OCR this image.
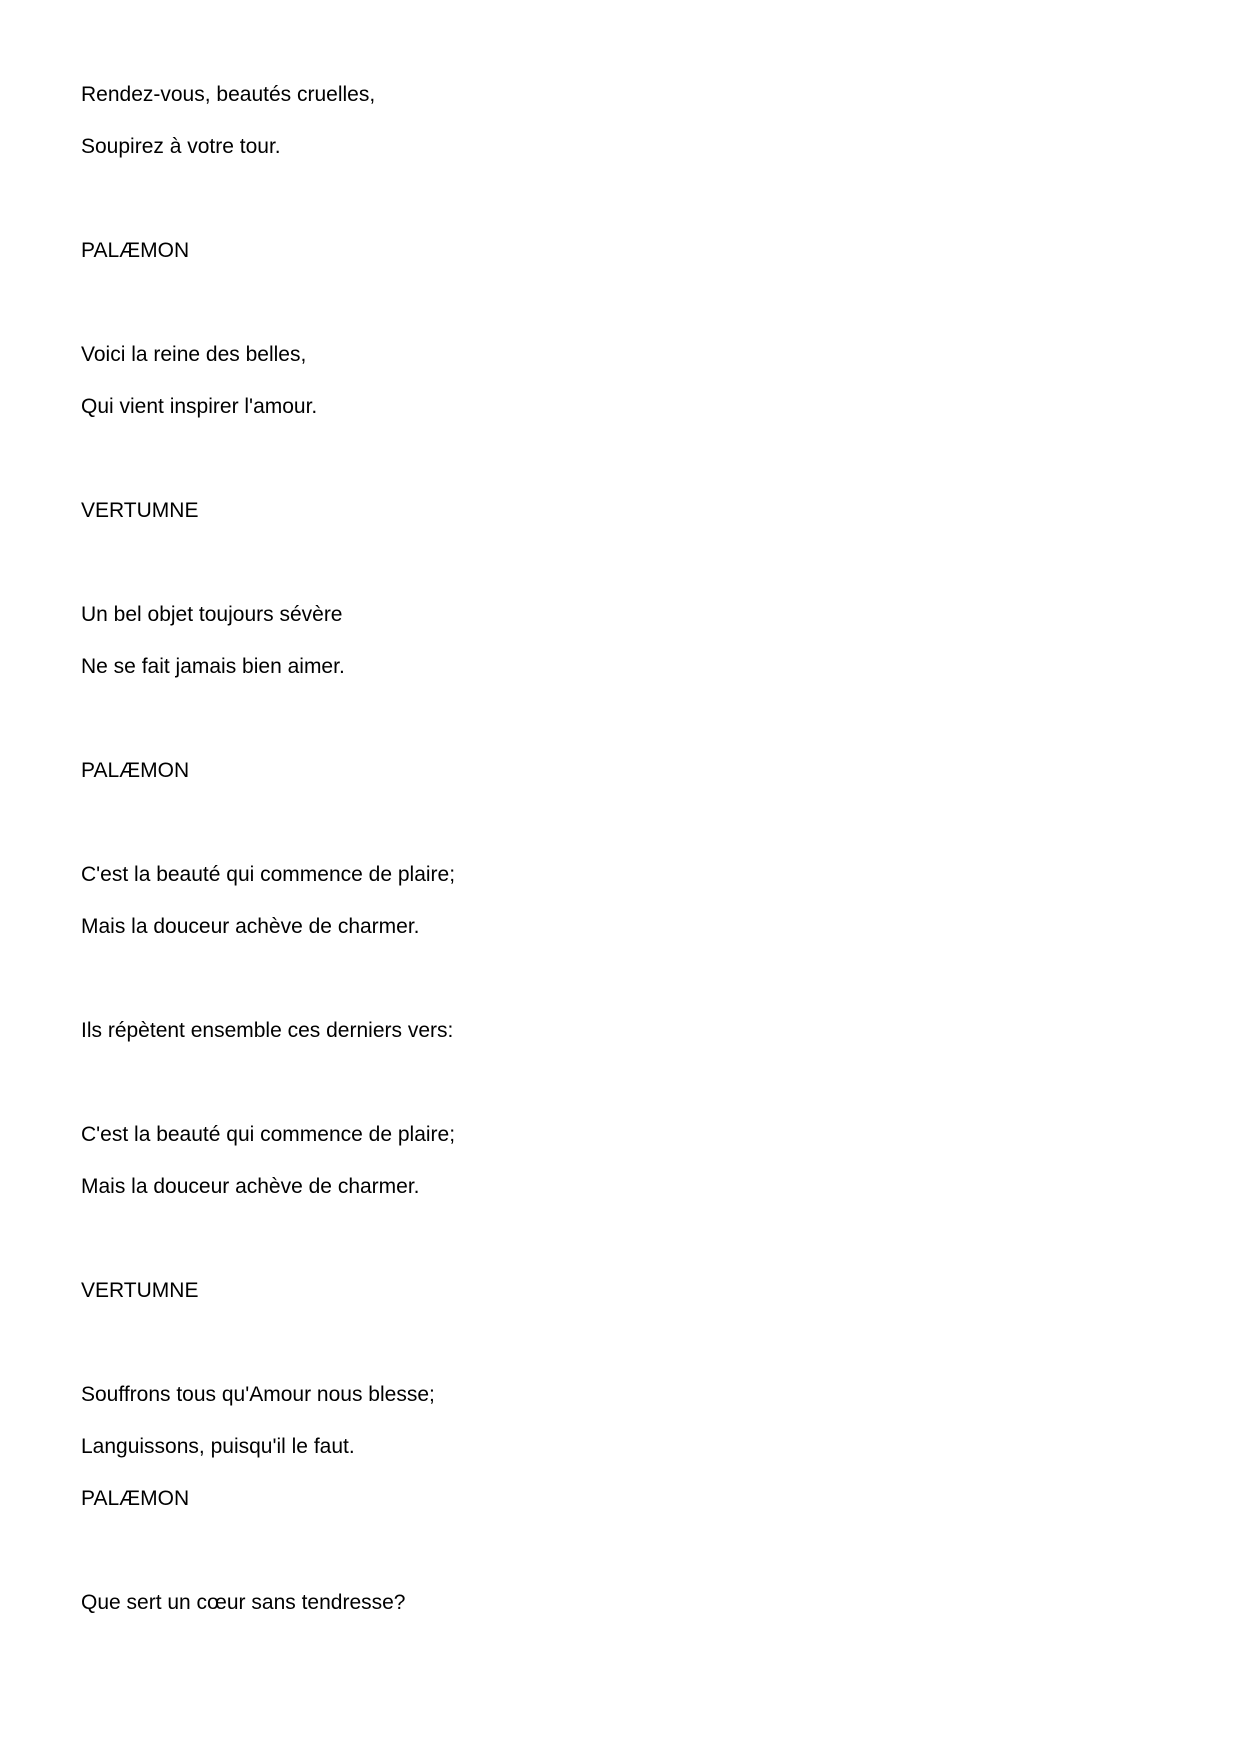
Rendez-vous, beautés cruelles,

Soupirez à votre tour.

PALÆMON

Voici la reine des belles,

Qui vient inspirer l'amour.

VERTUMNE

Un bel objet toujours sévère

Ne se fait jamais bien aimer.

PALÆMON

C'est la beauté qui commence de plaire;

Mais la douceur achève de charmer.

Ils répètent ensemble ces derniers vers:

C'est la beauté qui commence de plaire;

Mais la douceur achève de charmer.

VERTUMNE

Souffrons tous qu'Amour nous blesse;

Languissons, puisqu'il le faut.

PALÆMON

Que sert un cœur sans tendresse?
